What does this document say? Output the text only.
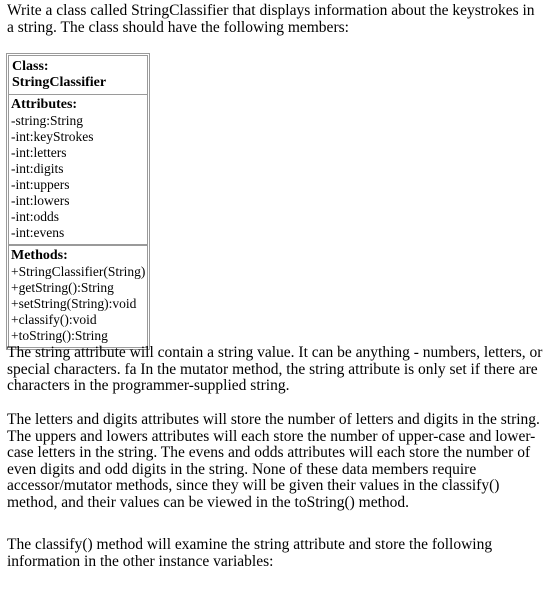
Write a class called StringClassifier that displays information about the keystrokes in
a string. The class should have the following members:

Class: StringClassifier
Attributes:
-string:String
-int:keyStrokes
-int:letters
-int:digits
-int:uppers
-int:lowers
-int:odds
-int:evens
Methods:
+StringClassifier(String)
+getString():String
+setString(String):void
+classify():void
+toString():String

The string attribute will contain a string value. It can be anything - numbers, letters, or
special characters. fa In the mutator method, the string attribute is only set if there are
characters in the programmer-supplied string.

The letters and digits attributes will store the number of letters and digits in the string.
The uppers and lowers attributes will each store the number of upper-case and lower-
case letters in the string. The evens and odds attributes will each store the number of
even digits and odd digits in the string. None of these data members require
accessor/mutator methods, since they will be given their values in the classify()
method, and their values can be viewed in the toString() method.

The classify() method will examine the string attribute and store the following
information in the other instance variables:
